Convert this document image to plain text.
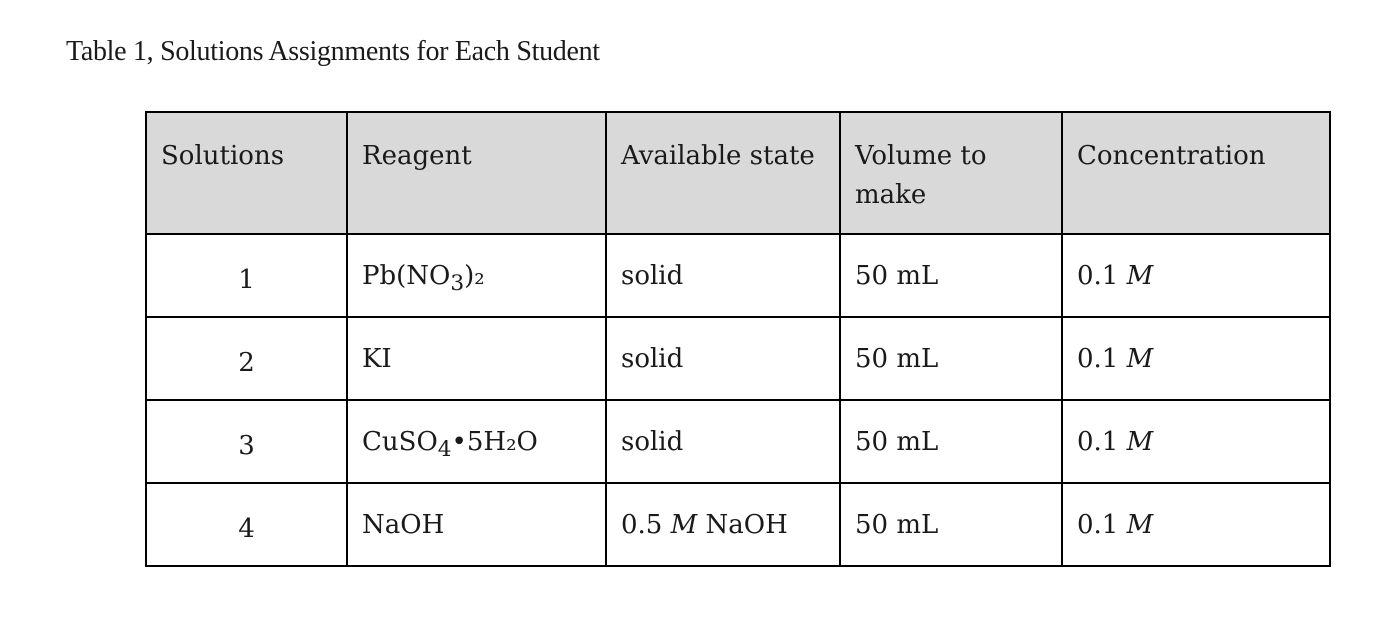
Table 1, Solutions Assignments for Each Student
Solutions	Reagent	Available state	Volume to make	Concentration
1	$Pb(NO_3)_2$	solid	50 mL	0.1 M
2	KI	solid	50 mL	0.1 M
3	CuSO$_4$•5H₂O	solid	50 mL	0.1 M
4	NaOH	0.5 M NaOH	50 mL	0.1 M
